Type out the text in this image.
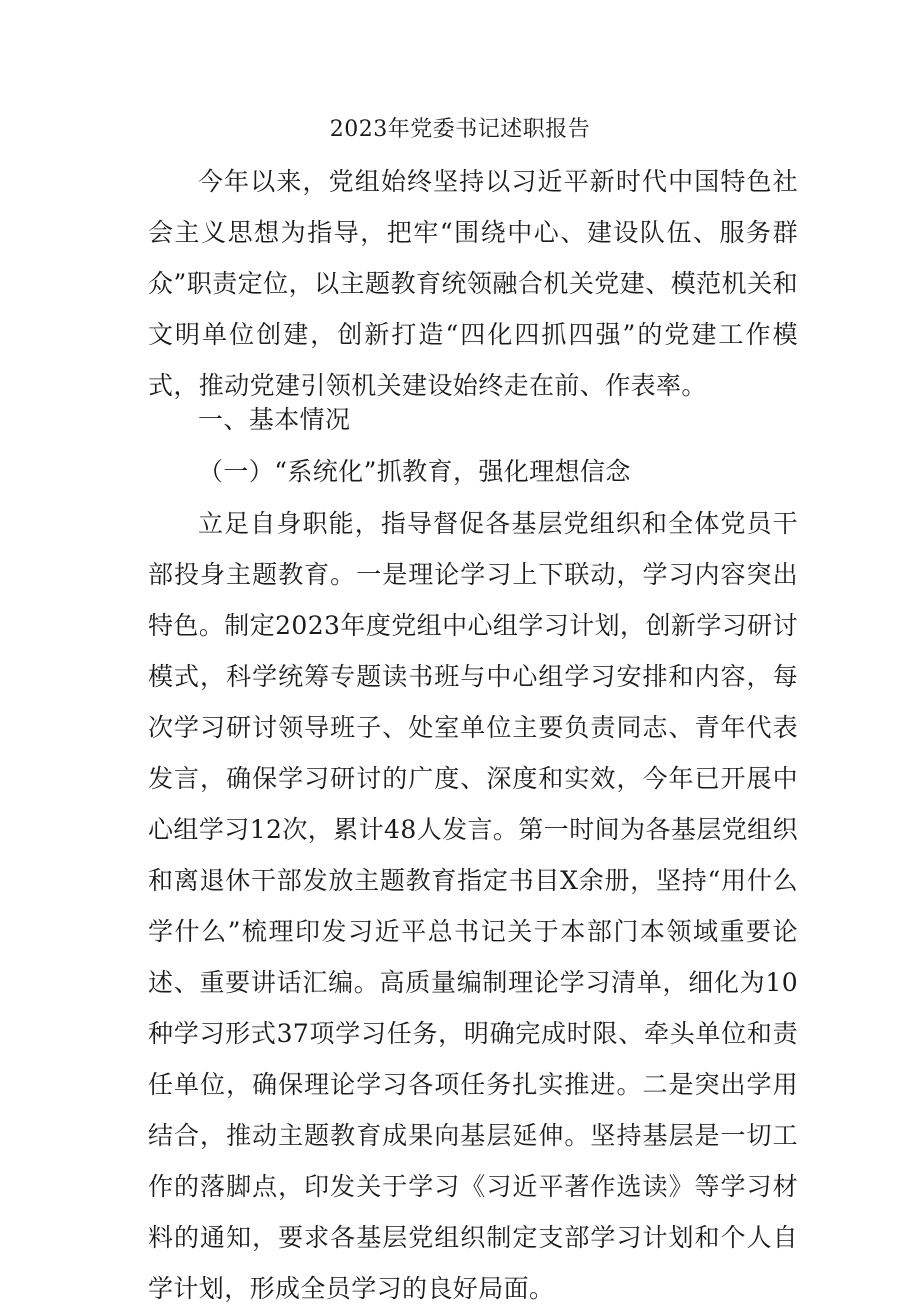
2023年党委书记述职报告

今年以来，党组始终坚持以习近平新时代中国特色社会主义思想为指导，把牢“围绕中心、建设队伍、服务群众”职责定位，以主题教育统领融合机关党建、模范机关和文明单位创建，创新打造“四化四抓四强”的党建工作模式，推动党建引领机关建设始终走在前、作表率。

一、基本情况

（一）“系统化”抓教育，强化理想信念

立足自身职能，指导督促各基层党组织和全体党员干部投身主题教育。一是理论学习上下联动，学习内容突出特色。制定2023年度党组中心组学习计划，创新学习研讨模式，科学统筹专题读书班与中心组学习安排和内容，每次学习研讨领导班子、处室单位主要负责同志、青年代表发言，确保学习研讨的广度、深度和实效，今年已开展中心组学习12次，累计48人发言。第一时间为各基层党组织和离退休干部发放主题教育指定书目X余册，坚持“用什么学什么”梳理印发习近平总书记关于本部门本领域重要论述、重要讲话汇编。高质量编制理论学习清单，细化为10种学习形式37项学习任务，明确完成时限、牵头单位和责任单位，确保理论学习各项任务扎实推进。二是突出学用结合，推动主题教育成果向基层延伸。坚持基层是一切工作的落脚点，印发关于学习《习近平著作选读》等学习材料的通知，要求各基层党组织制定支部学习计划和个人自学计划，形成全员学习的良好局面。
